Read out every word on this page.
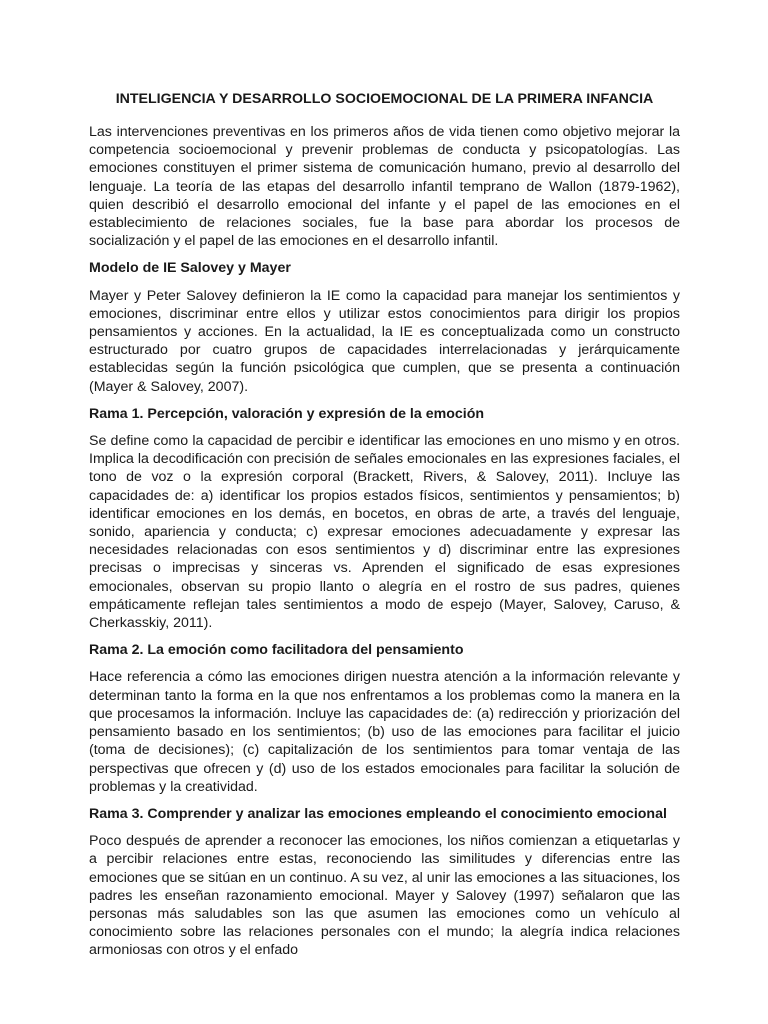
INTELIGENCIA Y DESARROLLO SOCIOEMOCIONAL DE LA PRIMERA INFANCIA

Las intervenciones preventivas en los primeros años de vida tienen como objetivo mejorar la competencia socioemocional y prevenir problemas de conducta y psicopatologías. Las emociones constituyen el primer sistema de comunicación humano, previo al desarrollo del lenguaje. La teoría de las etapas del desarrollo infantil temprano de Wallon (1879-1962), quien describió el desarrollo emocional del infante y el papel de las emociones en el establecimiento de relaciones sociales, fue la base para abordar los procesos de socialización y el papel de las emociones en el desarrollo infantil.

Modelo de IE Salovey y Mayer

Mayer y Peter Salovey definieron la IE como la capacidad para manejar los sentimientos y emociones, discriminar entre ellos y utilizar estos conocimientos para dirigir los propios pensamientos y acciones. En la actualidad, la IE es conceptualizada como un constructo estructurado por cuatro grupos de capacidades interrelacionadas y jerárquicamente establecidas según la función psicológica que cumplen, que se presenta a continuación (Mayer & Salovey, 2007).

Rama 1. Percepción, valoración y expresión de la emoción

Se define como la capacidad de percibir e identificar las emociones en uno mismo y en otros. Implica la decodificación con precisión de señales emocionales en las expresiones faciales, el tono de voz o la expresión corporal (Brackett, Rivers, & Salovey, 2011). Incluye las capacidades de: a) identificar los propios estados físicos, sentimientos y pensamientos; b) identificar emociones en los demás, en bocetos, en obras de arte, a través del lenguaje, sonido, apariencia y conducta; c) expresar emociones adecuadamente y expresar las necesidades relacionadas con esos sentimientos y d) discriminar entre las expresiones precisas o imprecisas y sinceras vs. Aprenden el significado de esas expresiones emocionales, observan su propio llanto o alegría en el rostro de sus padres, quienes empáticamente reflejan tales sentimientos a modo de espejo (Mayer, Salovey, Caruso, & Cherkasskiy, 2011).

Rama 2. La emoción como facilitadora del pensamiento

Hace referencia a cómo las emociones dirigen nuestra atención a la información relevante y determinan tanto la forma en la que nos enfrentamos a los problemas como la manera en la que procesamos la información. Incluye las capacidades de: (a) redirección y priorización del pensamiento basado en los sentimientos; (b) uso de las emociones para facilitar el juicio (toma de decisiones); (c) capitalización de los sentimientos para tomar ventaja de las perspectivas que ofrecen y (d) uso de los estados emocionales para facilitar la solución de problemas y la creatividad.

Rama 3. Comprender y analizar las emociones empleando el conocimiento emocional

Poco después de aprender a reconocer las emociones, los niños comienzan a etiquetarlas y a percibir relaciones entre estas, reconociendo las similitudes y diferencias entre las emociones que se sitúan en un continuo. A su vez, al unir las emociones a las situaciones, los padres les enseñan razonamiento emocional. Mayer y Salovey (1997) señalaron que las personas más saludables son las que asumen las emociones como un vehículo al conocimiento sobre las relaciones personales con el mundo; la alegría indica relaciones armoniosas con otros y el enfado
